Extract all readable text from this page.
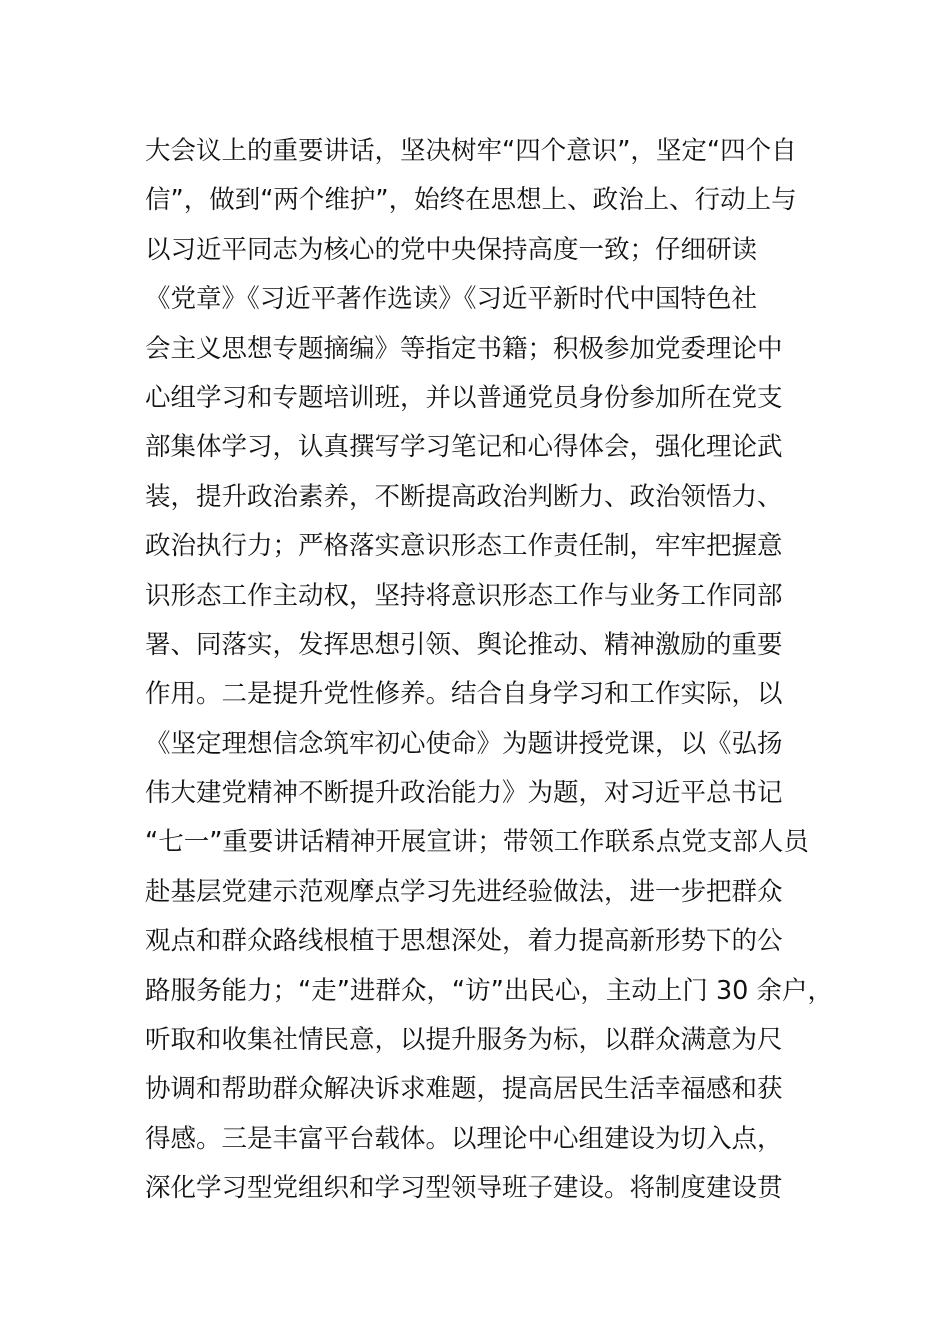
大会议上的重要讲话，坚决树牢“四个意识”，坚定“四个自
信”，做到“两个维护”，始终在思想上、政治上、行动上与
以习近平同志为核心的党中央保持高度一致；仔细研读
《党章》《习近平著作选读》《习近平新时代中国特色社
会主义思想专题摘编》等指定书籍；积极参加党委理论中
心组学习和专题培训班，并以普通党员身份参加所在党支
部集体学习，认真撰写学习笔记和心得体会，强化理论武
装，提升政治素养，不断提高政治判断力、政治领悟力、
政治执行力；严格落实意识形态工作责任制，牢牢把握意
识形态工作主动权，坚持将意识形态工作与业务工作同部
署、同落实，发挥思想引领、舆论推动、精神激励的重要
作用。二是提升党性修养。结合自身学习和工作实际，以
《坚定理想信念筑牢初心使命》为题讲授党课，以《弘扬
伟大建党精神不断提升政治能力》为题，对习近平总书记
“七一”重要讲话精神开展宣讲；带领工作联系点党支部人员
赴基层党建示范观摩点学习先进经验做法，进一步把群众
观点和群众路线根植于思想深处，着力提高新形势下的公
路服务能力；“走”进群众，“访”出民心，主动上门 30 余户，
听取和收集社情民意，以提升服务为标，以群众满意为尺
协调和帮助群众解决诉求难题，提高居民生活幸福感和获
得感。三是丰富平台载体。以理论中心组建设为切入点，
深化学习型党组织和学习型领导班子建设。将制度建设贯
